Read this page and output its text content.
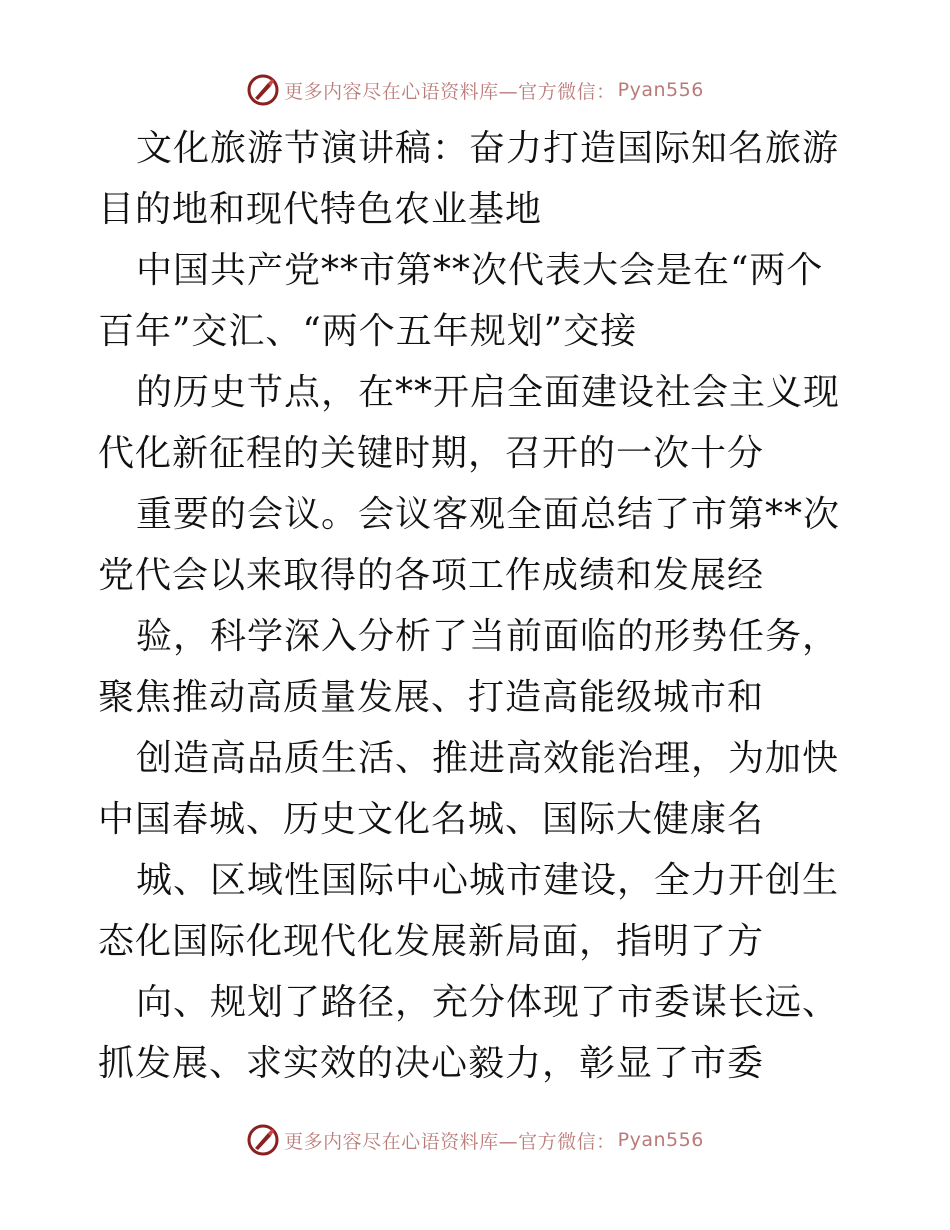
更多内容尽在心语资料库—官方微信： Pyan556

文化旅游节演讲稿：奋力打造国际知名旅游目的地和现代特色农业基地

中国共产党**市第**次代表大会是在“两个百年”交汇、“两个五年规划”交接

的历史节点，在**开启全面建设社会主义现代化新征程的关键时期，召开的一次十分

重要的会议。会议客观全面总结了市第**次党代会以来取得的各项工作成绩和发展经

验，科学深入分析了当前面临的形势任务，聚焦推动高质量发展、打造高能级城市和

创造高品质生活、推进高效能治理，为加快中国春城、历史文化名城、国际大健康名

城、区域性国际中心城市建设，全力开创生态化国际化现代化发展新局面，指明了方

向、规划了路径，充分体现了市委谋长远、抓发展、求实效的决心毅力，彰显了市委

更多内容尽在心语资料库—官方微信： Pyan556
